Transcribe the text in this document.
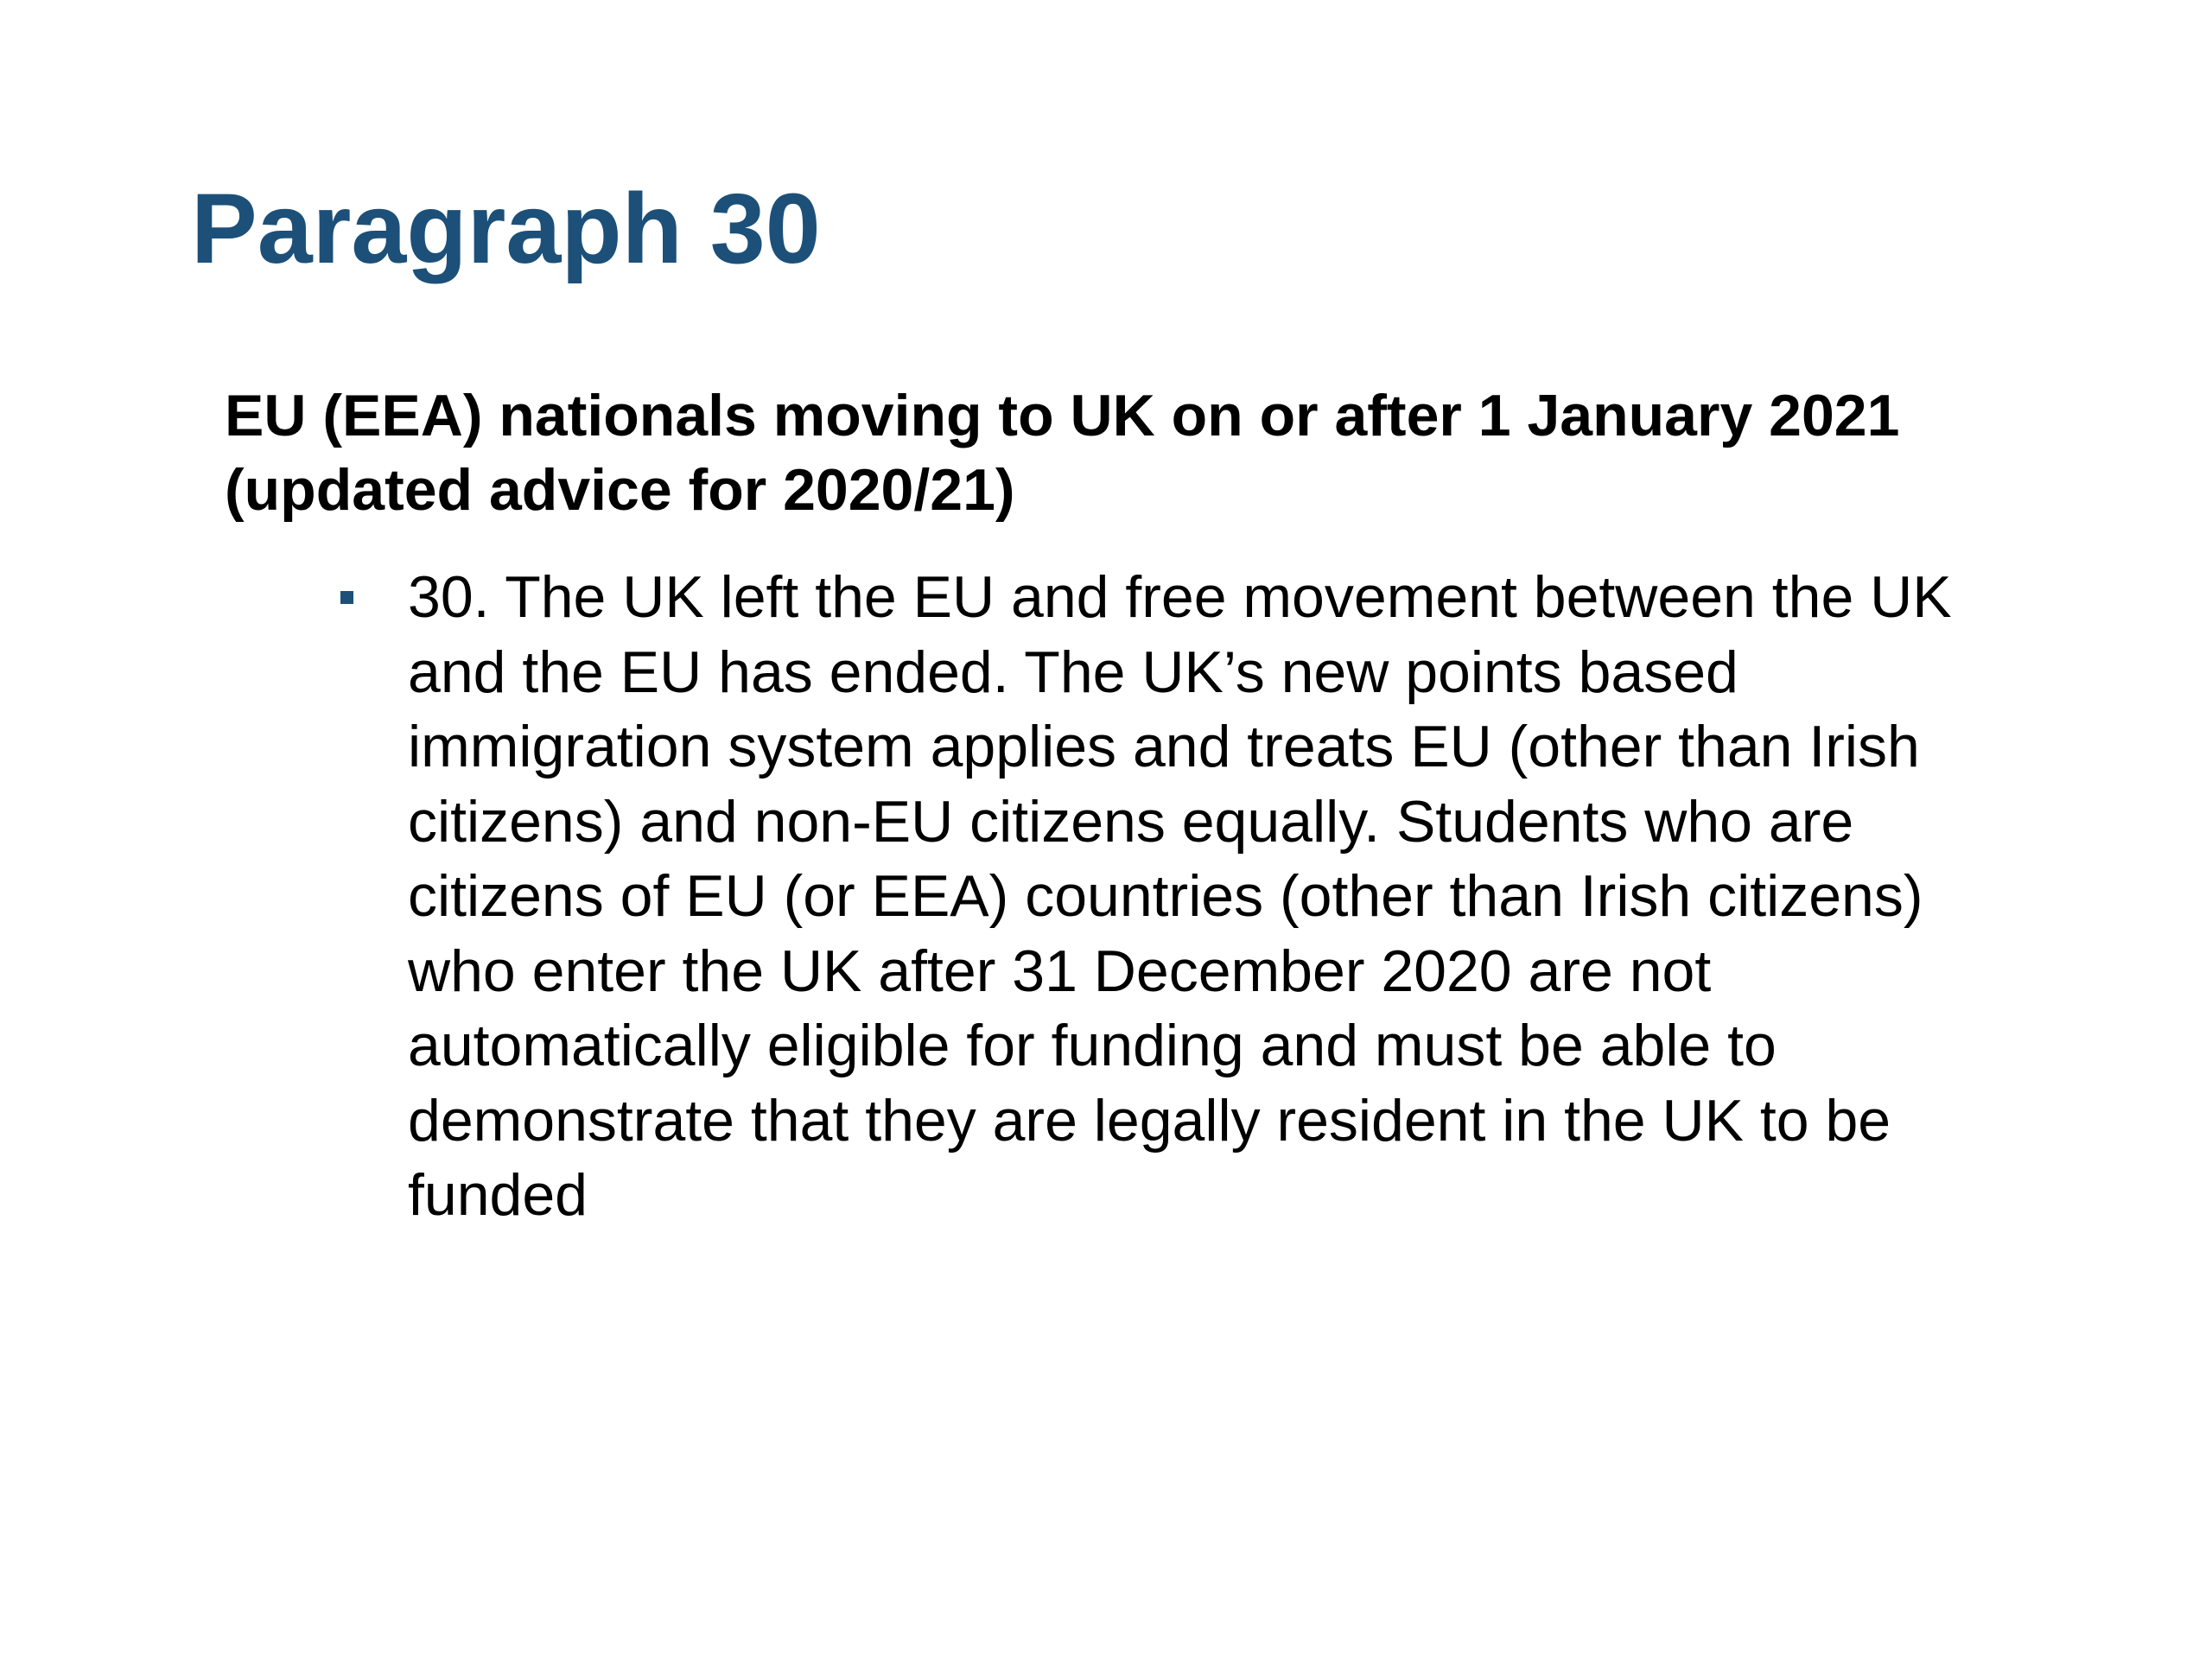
Paragraph 30
EU (EEA) nationals moving to UK on or after 1 January 2021 (updated advice for 2020/21)
30. The UK left the EU and free movement between the UK and the EU has ended. The UK’s new points based immigration system applies and treats EU (other than Irish citizens) and non-EU citizens equally. Students who are citizens of EU (or EEA) countries (other than Irish citizens) who enter the UK after 31 December 2020 are not automatically eligible for funding and must be able to demonstrate that they are legally resident in the UK to be funded
